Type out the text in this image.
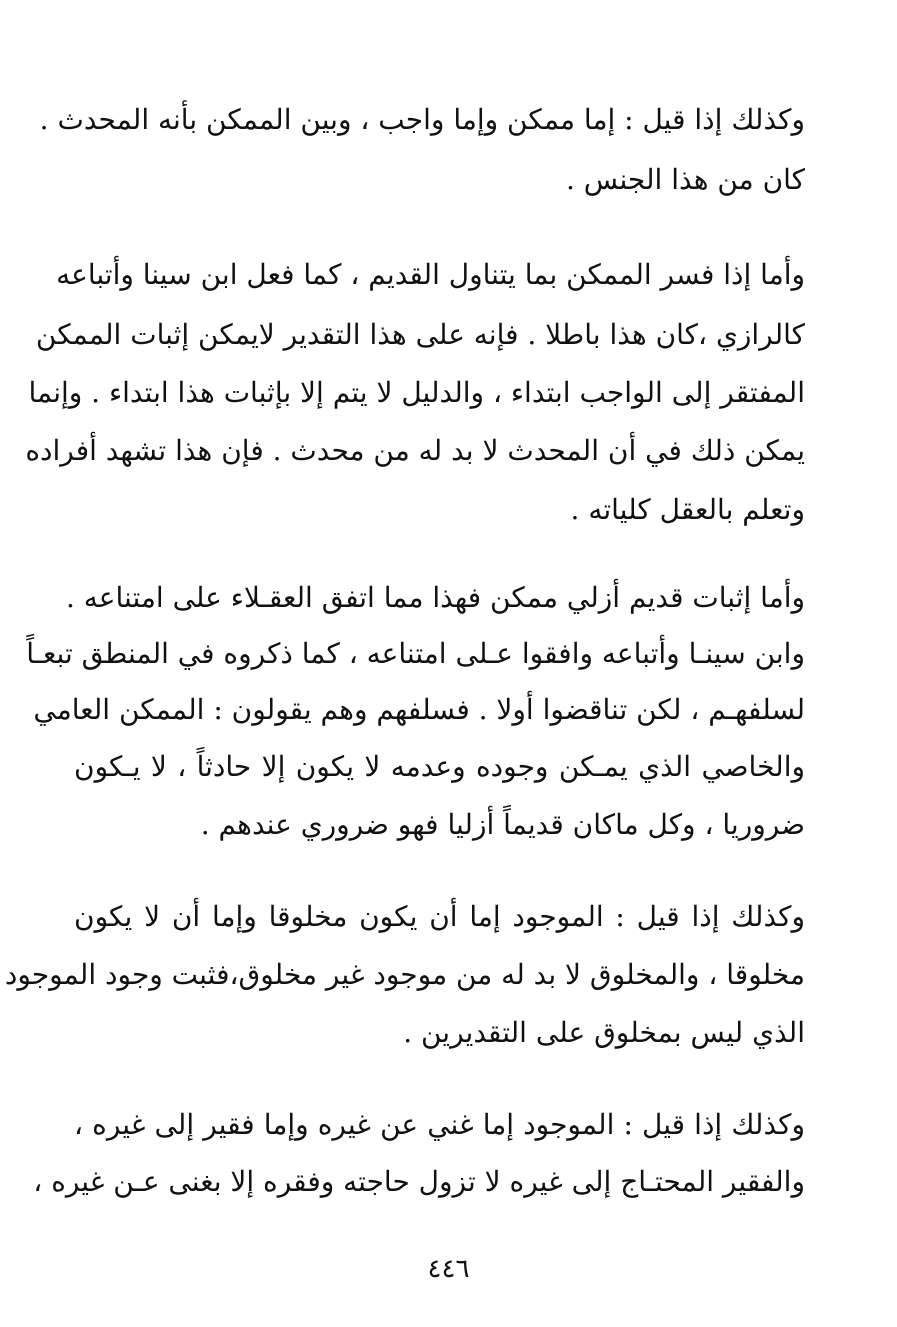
وكذلك إذا قيل : إما ممكن وإما واجب ، وبين الممكن بأنه المحدث .
كان من هذا الجنس .
وأما إذا فسر الممكن بما يتناول القديم ، كما فعل ابن سينا وأتباعه
كالرازي ،كان هذا باطلا . فإنه على هذا التقدير لايمكن إثبات الممكن
المفتقر إلى الواجب ابتداء ، والدليل لا يتم إلا بإثبات هذا ابتداء . وإنما
يمكن ذلك في أن المحدث لا بد له من محدث . فإن هذا تشهد أفراده
وتعلم بالعقل كلياته .
وأما إثبات قديم أزلي ممكن فهذا مما اتفق العقـلاء على امتناعه .
وابن سينـا وأتباعه وافقوا عـلى امتناعه ، كما ذكروه في المنطق تبعـاً
لسلفهـم ، لكن تناقضوا أولا . فسلفهم وهم يقولون : الممكن العامي
والخاصي الذي يمـكن وجوده وعدمه لا يكون إلا حادثاً ، لا يـكون
ضروريا ، وكل ماكان قديماً أزليا فهو ضروري عندهم .
وكذلك إذا قيل : الموجود إما أن يكون مخلوقا وإما أن لا يكون
مخلوقا ، والمخلوق لا بد له من موجود غير مخلوق،فثبت وجود الموجود
الذي ليس بمخلوق على التقديرين .
وكذلك إذا قيل : الموجود إما غني عن غيره وإما فقير إلى غيره ،
والفقير المحتـاج إلى غيره لا تزول حاجته وفقره إلا بغنى عـن غيره ،
٤٤٦
